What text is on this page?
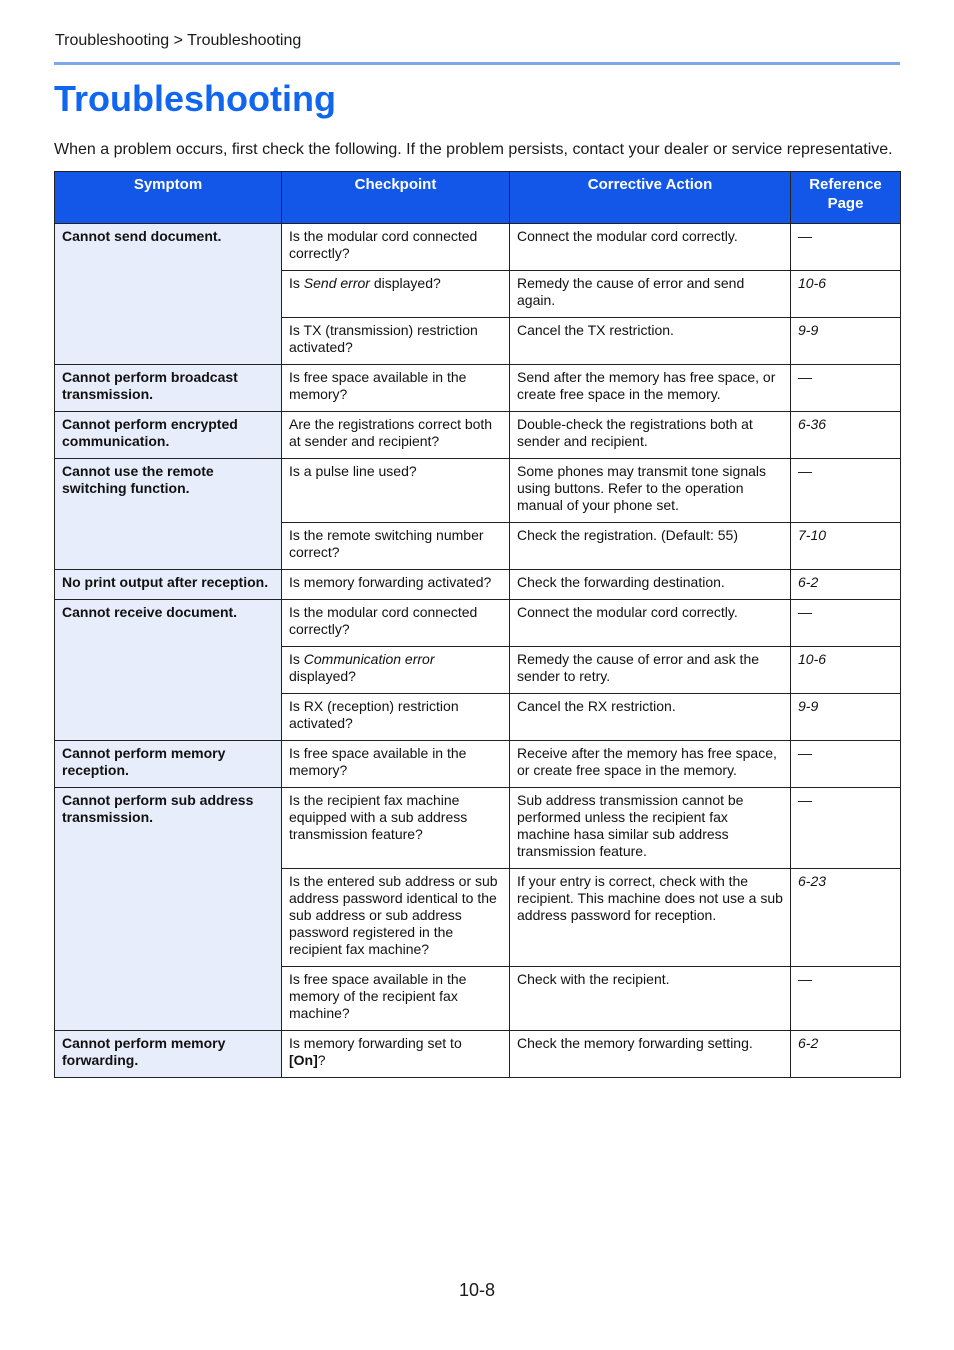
Troubleshooting > Troubleshooting
Troubleshooting

When a problem occurs, first check the following. If the problem persists, contact your dealer or service representative.

Symptom	Checkpoint	Corrective Action	Reference Page
Cannot send document.	Is the modular cord connected correctly?	Connect the modular cord correctly.	—
	Is Send error displayed?	Remedy the cause of error and send again.	10-6
	Is TX (transmission) restriction activated?	Cancel the TX restriction.	9-9
Cannot perform broadcast transmission.	Is free space available in the memory?	Send after the memory has free space, or create free space in the memory.	—
Cannot perform encrypted communication.	Are the registrations correct both at sender and recipient?	Double-check the registrations both at sender and recipient.	6-36
Cannot use the remote switching function.	Is a pulse line used?	Some phones may transmit tone signals using buttons. Refer to the operation manual of your phone set.	—
	Is the remote switching number correct?	Check the registration. (Default: 55)	7-10
No print output after reception.	Is memory forwarding activated?	Check the forwarding destination.	6-2
Cannot receive document.	Is the modular cord connected correctly?	Connect the modular cord correctly.	—
	Is Communication error displayed?	Remedy the cause of error and ask the sender to retry.	10-6
	Is RX (reception) restriction activated?	Cancel the RX restriction.	9-9
Cannot perform memory reception.	Is free space available in the memory?	Receive after the memory has free space, or create free space in the memory.	—
Cannot perform sub address transmission.	Is the recipient fax machine equipped with a sub address transmission feature?	Sub address transmission cannot be performed unless the recipient fax machine hasa similar sub address transmission feature.	—
	Is the entered sub address or sub address password identical to the sub address or sub address password registered in the recipient fax machine?	If your entry is correct, check with the recipient. This machine does not use a sub address password for reception.	6-23
	Is free space available in the memory of the recipient fax machine?	Check with the recipient.	—
Cannot perform memory forwarding.	Is memory forwarding set to [On]?	Check the memory forwarding setting.	6-2
10-8
